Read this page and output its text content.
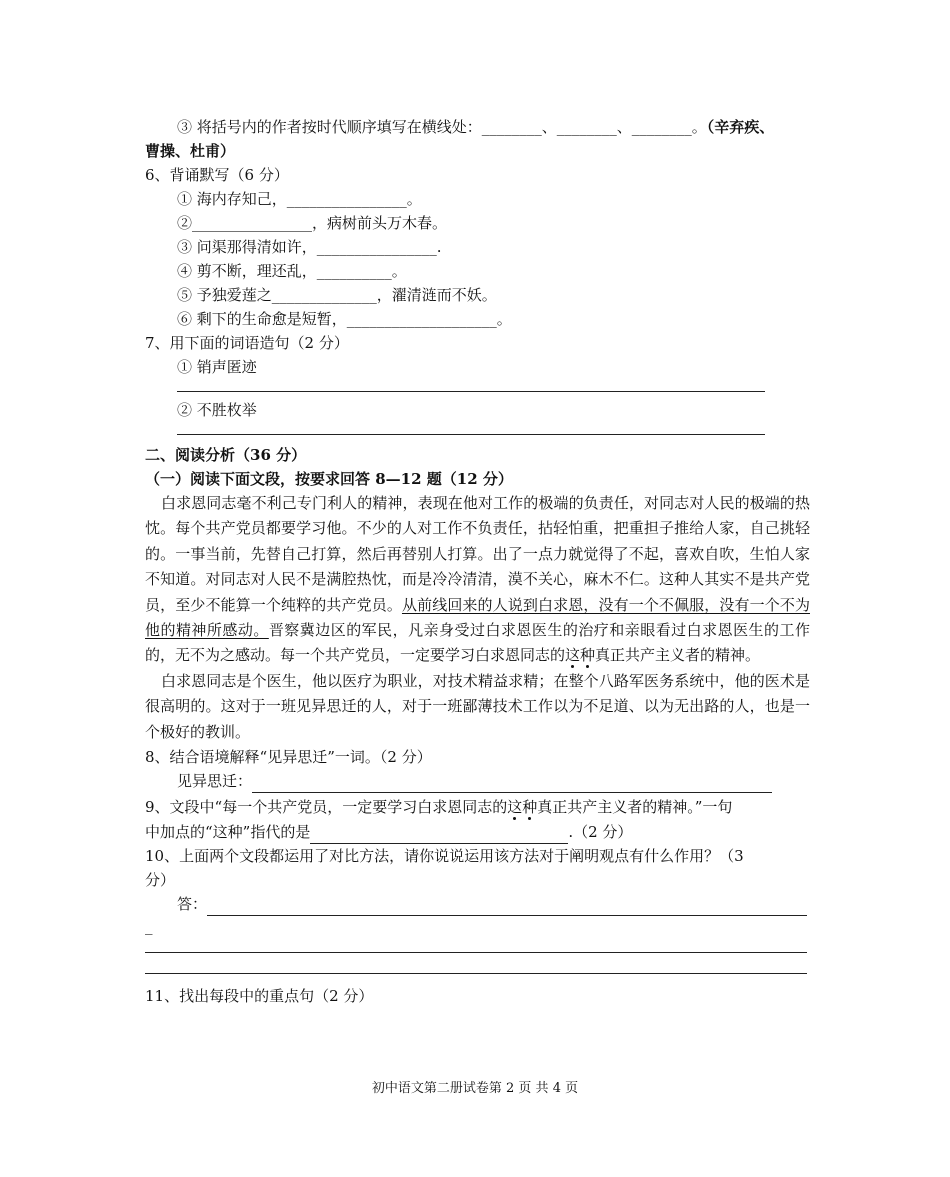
③ 将括号内的作者按时代顺序填写在横线处：________、________、________。（辛弃疾、
曹操、杜甫）
6、背诵默写（6 分）
① 海内存知己，________________。
②________________，病树前头万木春。
③ 问渠那得清如许，________________.
④ 剪不断，理还乱，__________。
⑤ 予独爱莲之______________，濯清涟而不妖。
⑥ 剩下的生命愈是短暂，____________________。
7、用下面的词语造句（2 分）
① 销声匿迹
② 不胜枚举
二、阅读分析（36 分）
（一）阅读下面文段，按要求回答 8—12 题（12 分）
白求恩同志毫不利己专门利人的精神，表现在他对工作的极端的负责任，对同志对人民的极端的热忱。每个共产党员都要学习他。不少的人对工作不负责任，拈轻怕重，把重担子推给人家，自己挑轻的。一事当前，先替自己打算，然后再替别人打算。出了一点力就觉得了不起，喜欢自吹，生怕人家不知道。对同志对人民不是满腔热忱，而是冷冷清清，漠不关心，麻木不仁。这种人其实不是共产党员，至少不能算一个纯粹的共产党员。从前线回来的人说到白求恩，没有一个不佩服，没有一个不为他的精神所感动。晋察冀边区的军民，凡亲身受过白求恩医生的治疗和亲眼看过白求恩医生的工作的，无不为之感动。每一个共产党员，一定要学习白求恩同志的这种真正共产主义者的精神。
白求恩同志是个医生，他以医疗为职业，对技术精益求精；在整个八路军医务系统中，他的医术是很高明的。这对于一班见异思迁的人，对于一班鄙薄技术工作以为不足道、以为无出路的人，也是一个极好的教训。
8、结合语境解释“见异思迁”一词。（2 分）
见异思迁：
9、文段中“每一个共产党员，一定要学习白求恩同志的这种真正共产主义者的精神。”一句
中加点的“这种”指代的是	.（2 分）
10、上面两个文段都运用了对比方法，请你说说运用该方法对于阐明观点有什么作用？（3
分）
答：
_
11、找出每段中的重点句（2 分）
初中语文第二册试卷第 2 页 共 4 页
